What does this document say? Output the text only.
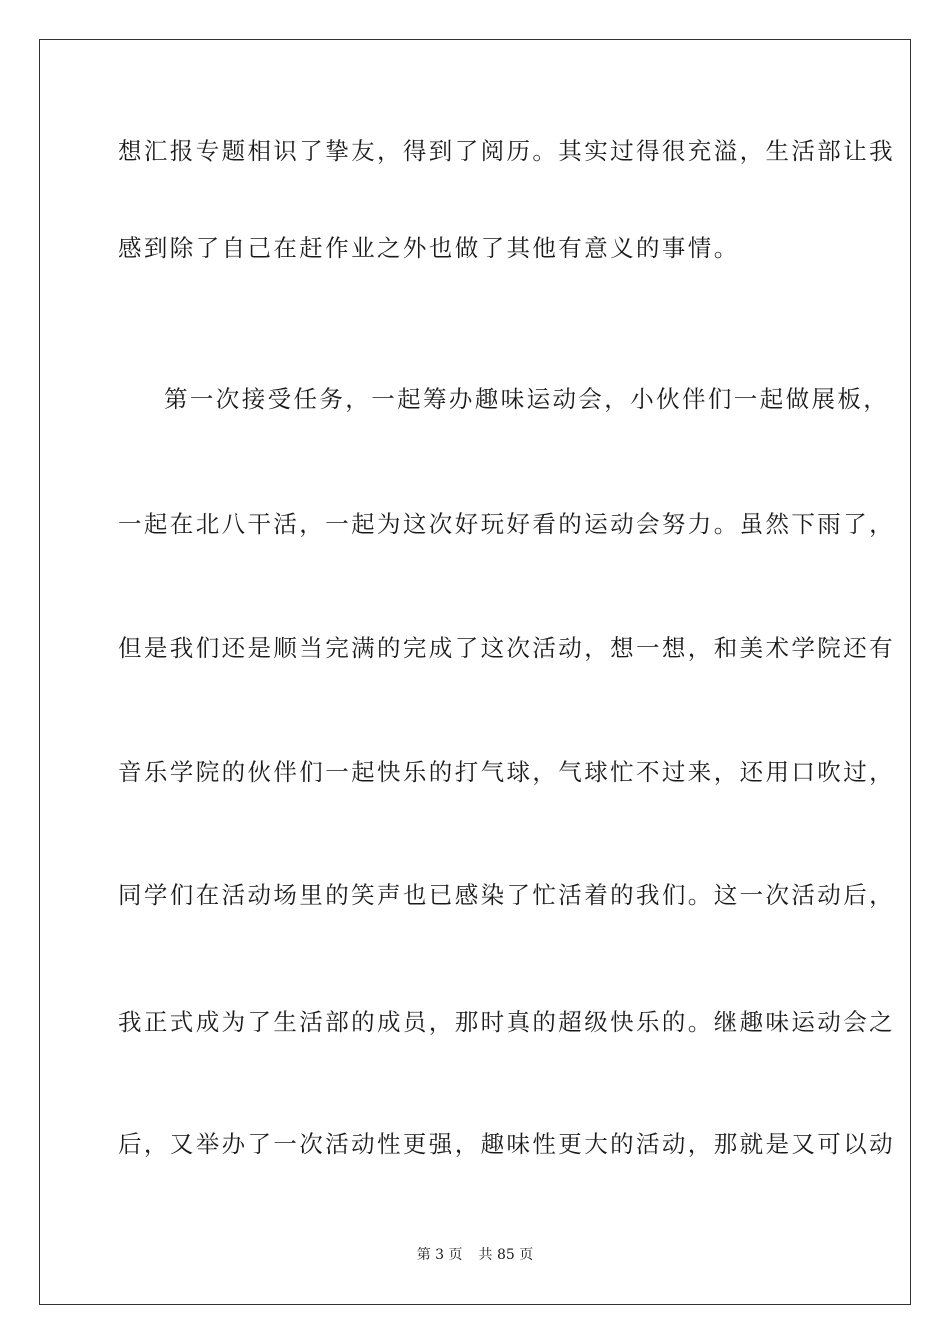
想汇报专题相识了挚友，得到了阅历。其实过得很充溢，生活部让我
感到除了自己在赶作业之外也做了其他有意义的事情。
第一次接受任务，一起筹办趣味运动会，小伙伴们一起做展板，
一起在北八干活，一起为这次好玩好看的运动会努力。虽然下雨了，
但是我们还是顺当完满的完成了这次活动，想一想，和美术学院还有
音乐学院的伙伴们一起快乐的打气球，气球忙不过来，还用口吹过，
同学们在活动场里的笑声也已感染了忙活着的我们。这一次活动后，
我正式成为了生活部的成员，那时真的超级快乐的。继趣味运动会之
后，又举办了一次活动性更强，趣味性更大的活动，那就是又可以动
第 3 页 共 85 页
